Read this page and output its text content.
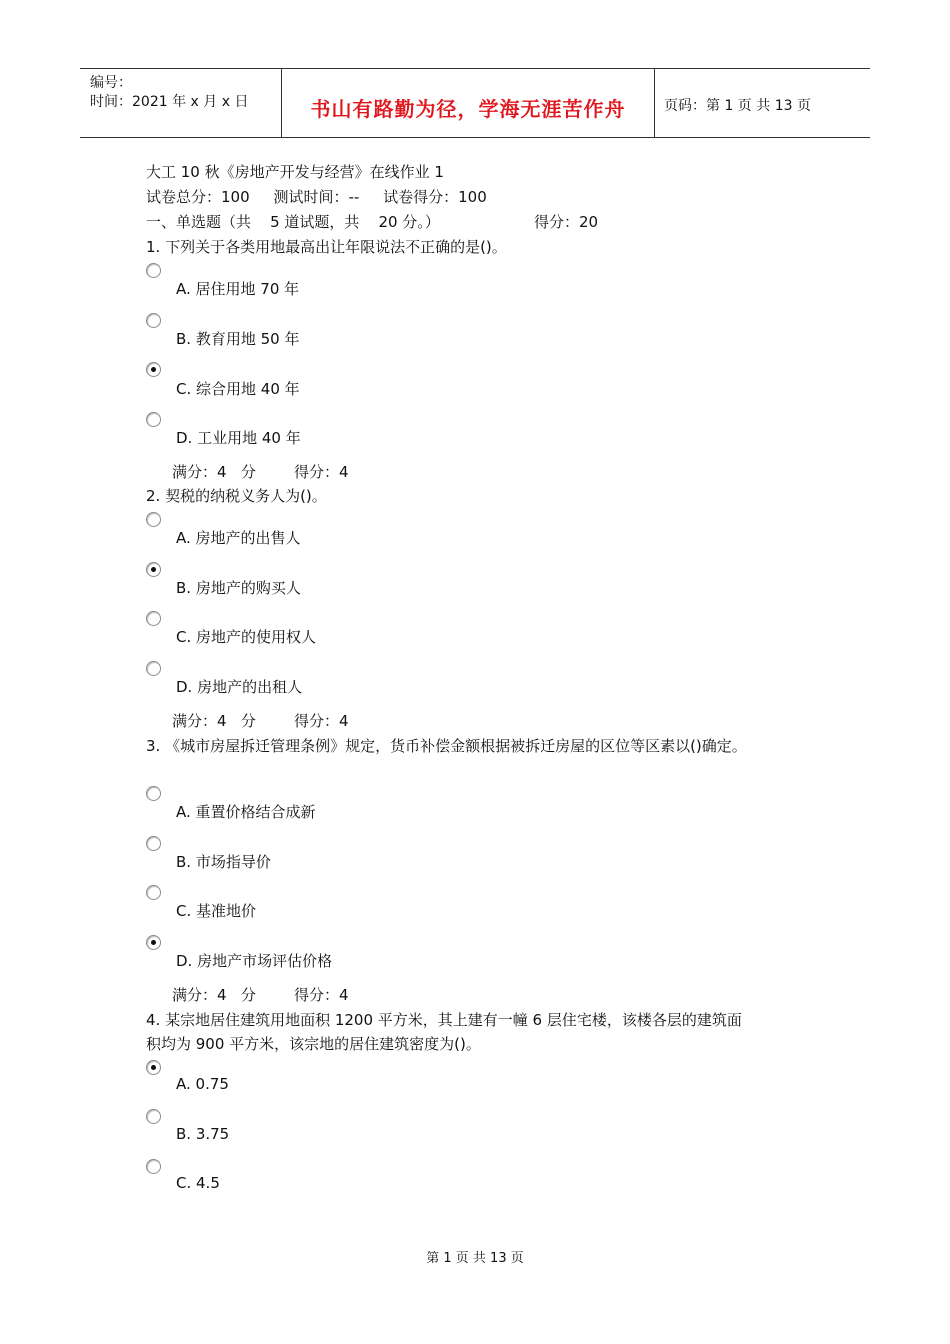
编号：
时间：2021 年 x 月 x 日	书山有路勤为径，学海无涯苦作舟	页码：第 1 页 共 13 页
大工 10 秋《房地产开发与经营》在线作业 1
试卷总分：100     测试时间：--     试卷得分：100
一、单选题（共    5 道试题，共    20 分。）	得分：20
1. 下列关于各类用地最高出让年限说法不正确的是()。
A. 居住用地 70 年
B. 教育用地 50 年
C. 综合用地 40 年
D. 工业用地 40 年
满分：4   分        得分：4
2. 契税的纳税义务人为()。
A. 房地产的出售人
B. 房地产的购买人
C. 房地产的使用权人
D. 房地产的出租人
满分：4   分        得分：4
3. 《城市房屋拆迁管理条例》规定，货币补偿金额根据被拆迁房屋的区位等区素以()确定。
A. 重置价格结合成新
B. 市场指导价
C. 基准地价
D. 房地产市场评估价格
满分：4   分        得分：4
4. 某宗地居住建筑用地面积 1200 平方米，其上建有一幢 6 层住宅楼，该楼各层的建筑面
积均为 900 平方米，该宗地的居住建筑密度为()。
A. 0.75
B. 3.75
C. 4.5
第 1 页 共 13 页
